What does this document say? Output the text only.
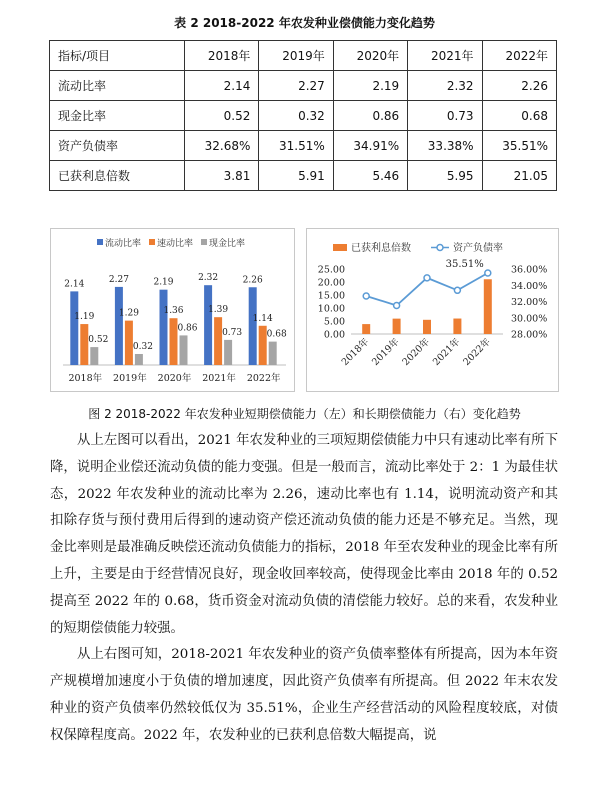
表 2 2018-2022 年农发种业偿债能力变化趋势
指标/项目	2018年	2019年	2020年	2021年	2022年
流动比率	2.14	2.27	2.19	2.32	2.26
现金比率	0.52	0.32	0.86	0.73	0.68
资产负债率	32.68%	31.51%	34.91%	33.38%	35.51%
已获利息倍数	3.81	5.91	5.46	5.95	21.05
流动比率 速动比率 现金比率
2.14
1.19
0.52
2018年
2.27
1.29
0.32
2019年
2.19
1.36
0.86
2020年
2.32
1.39
0.73
2021年
2.26
1.14
0.68
2022年
已获利息倍数	资产负债率
0.00
5.00
10.00
15.00
20.00
25.00
28.00%
30.00%
32.00%
34.00%
36.00%
2018年
2019年
2020年
2021年
2022年
35.51%
图 2 2018-2022 年农发种业短期偿债能力（左）和长期偿债能力（右）变化趋势

从上左图可以看出，2021 年农发种业的三项短期偿债能力中只有速动比率有所下降，说明企业偿还流动负债的能力变强。但是一般而言，流动比率处于 2：1 为最佳状态，2022 年农发种业的流动比率为 2.26，速动比率也有 1.14，说明流动资产和其扣除存货与预付费用后得到的速动资产偿还流动负债的能力还是不够充足。当然，现金比率则是最准确反映偿还流动负债能力的指标，2018 年至农发种业的现金比率有所上升，主要是由于经营情况良好，现金收回率较高，使得现金比率由 2018 年的 0.52 提高至 2022 年的 0.68，货币资金对流动负债的清偿能力较好。总的来看，农发种业的短期偿债能力较强。

从上右图可知，2018-2021 年农发种业的资产负债率整体有所提高，因为本年资产规模增加速度小于负债的增加速度，因此资产负债率有所提高。但 2022 年末农发种业的资产负债率仍然较低仅为 35.51%，企业生产经营活动的风险程度较底，对债权保障程度高。2022 年，农发种业的已获利息倍数大幅提高，说
